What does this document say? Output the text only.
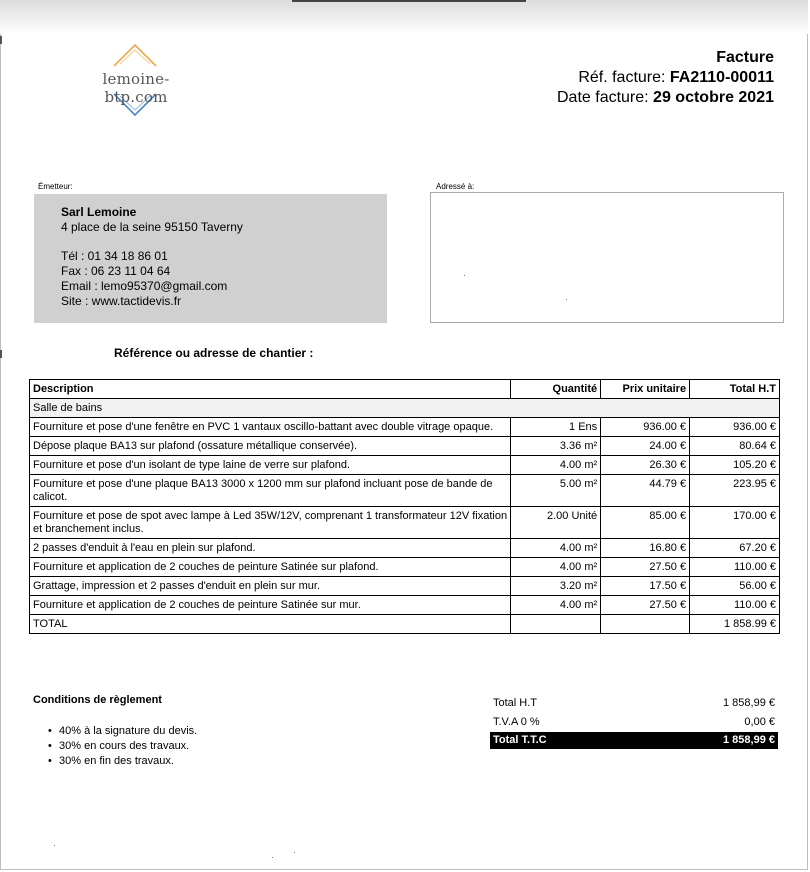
lemoine-btp.com
Facture
Réf. facture: FA2110-00011
Date facture: 29 octobre 2021
Émetteur:
Sarl Lemoine
4 place de la seine 95150 Taverny
Tél : 01 34 18 86 01
Fax : 06 23 11 04 64
Email : lemo95370@gmail.com
Site : www.tactidevis.fr
Adressé à:
Référence ou adresse de chantier :
Description	Quantité	Prix unitaire	Total H.T
Salle de bains			
Fourniture et pose d'une fenêtre en PVC 1 vantaux oscillo-battant avec double vitrage opaque.	1 Ens	936.00 €	936.00 €
Dépose plaque BA13 sur plafond (ossature métallique conservée).	3.36 m²	24.00 €	80.64 €
Fourniture et pose d'un isolant de type laine de verre sur plafond.	4.00 m²	26.30 €	105.20 €
Fourniture et pose d'une plaque BA13 3000 x 1200 mm sur plafond incluant pose de bande de calicot.	5.00 m²	44.79 €	223.95 €
Fourniture et pose de spot avec lampe à Led 35W/12V, comprenant 1 transformateur 12V fixation et branchement inclus.	2.00 Unité	85.00 €	170.00 €
2 passes d'enduit à l'eau en plein sur plafond.	4.00 m²	16.80 €	67.20 €
Fourniture et application de 2 couches de peinture Satinée sur plafond.	4.00 m²	27.50 €	110.00 €
Grattage, impression et 2 passes d'enduit en plein sur mur.	3.20 m²	17.50 €	56.00 €
Fourniture et application de 2 couches de peinture Satinée sur mur.	4.00 m²	27.50 €	110.00 €
TOTAL			1 858.99 €
Conditions de règlement
• 40% à la signature du devis.
• 30% en cours des travaux.
• 30% en fin des travaux.
Total H.T	1 858,99 €
T.V.A 0 %	0,00 €
Total T.T.C	1 858,99 €
